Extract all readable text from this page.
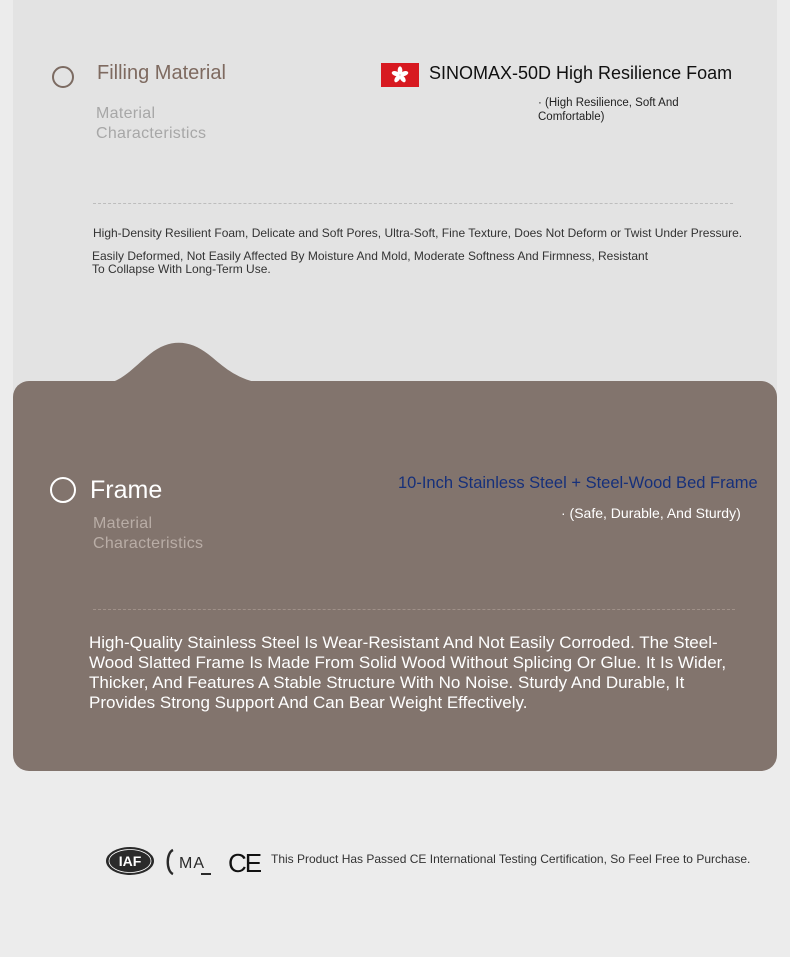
Filling Material
Material Characteristics
SINOMAX-50D High Resilience Foam
· (High Resilience, Soft And Comfortable)
High-Density Resilient Foam, Delicate and Soft Pores, Ultra-Soft, Fine Texture, Does Not Deform or Twist Under Pressure.
Easily Deformed, Not Easily Affected By Moisture And Mold, Moderate Softness And Firmness, Resistant To Collapse With Long-Term Use.
Frame
Material Characteristics
10-Inch Stainless Steel + Steel-Wood Bed Frame
· (Safe, Durable, And Sturdy)
High-Quality Stainless Steel Is Wear-Resistant And Not Easily Corroded. The Steel-Wood Slatted Frame Is Made From Solid Wood Without Splicing Or Glue. It Is Wider, Thicker, And Features A Stable Structure With No Noise. Sturdy And Durable, It Provides Strong Support And Can Bear Weight Effectively.
IAF MA CE This Product Has Passed CE International Testing Certification, So Feel Free to Purchase.
